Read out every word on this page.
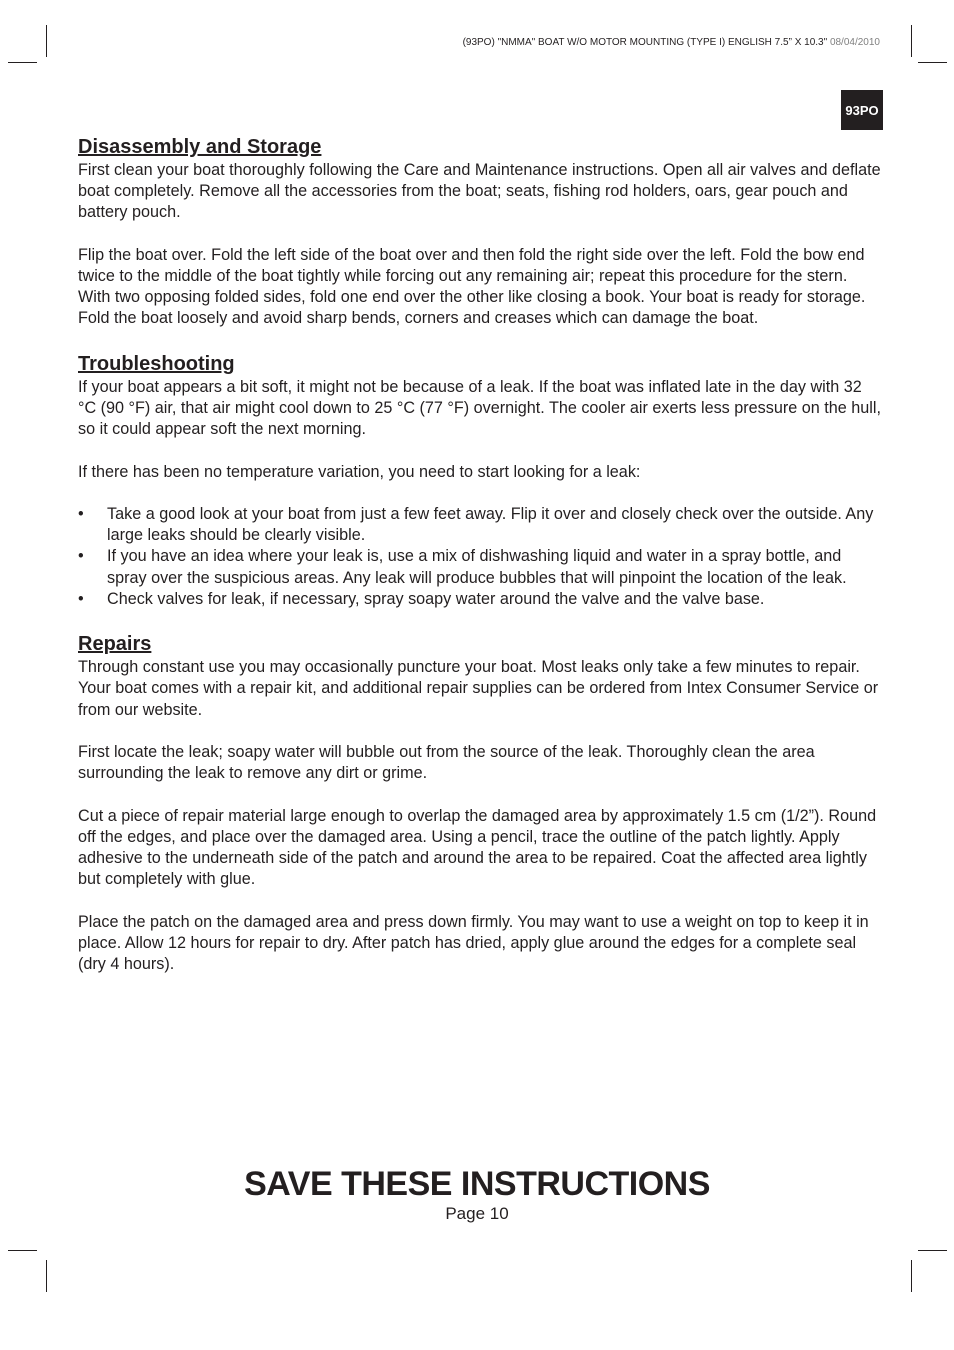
(93PO) "NMMA" BOAT W/O MOTOR MOUNTING (TYPE I) ENGLISH 7.5” X 10.3" 08/04/2010
93PO
Disassembly and Storage

First clean your boat thoroughly following the Care and Maintenance instructions. Open all air valves and deflate boat completely. Remove all the accessories from the boat; seats, fishing rod holders, oars, gear pouch and battery pouch.

Flip the boat over. Fold the left side of the boat over and then fold the right side over the left. Fold the bow end twice to the middle of the boat tightly while forcing out any remaining air; repeat this procedure for the stern. With two opposing folded sides, fold one end over the other like closing a book. Your boat is ready for storage. Fold the boat loosely and avoid sharp bends, corners and creases which can damage the boat.

Troubleshooting

If your boat appears a bit soft, it might not be because of a leak. If the boat was inflated late in the day with 32 °C (90 °F) air, that air might cool down to 25 °C (77 °F) overnight. The cooler air exerts less pressure on the hull, so it could appear soft the next morning.

If there has been no temperature variation, you need to start looking for a leak:

• Take a good look at your boat from just a few feet away. Flip it over and closely check over the outside. Any large leaks should be clearly visible.
• If you have an idea where your leak is, use a mix of dishwashing liquid and water in a spray bottle, and spray over the suspicious areas. Any leak will produce bubbles that will pinpoint the location of the leak.
• Check valves for leak, if necessary, spray soapy water around the valve and the valve base.
Repairs

Through constant use you may occasionally puncture your boat. Most leaks only take a few minutes to repair. Your boat comes with a repair kit, and additional repair supplies can be ordered from Intex Consumer Service or from our website.

First locate the leak; soapy water will bubble out from the source of the leak. Thoroughly clean the area surrounding the leak to remove any dirt or grime.

Cut a piece of repair material large enough to overlap the damaged area by approximately 1.5 cm (1/2”). Round off the edges, and place over the damaged area. Using a pencil, trace the outline of the patch lightly. Apply adhesive to the underneath side of the patch and around the area to be repaired. Coat the affected area lightly but completely with glue.

Place the patch on the damaged area and press down firmly. You may want to use a weight on top to keep it in place. Allow 12 hours for repair to dry. After patch has dried, apply glue around the edges for a complete seal (dry 4 hours).

SAVE THESE INSTRUCTIONS
Page 10
